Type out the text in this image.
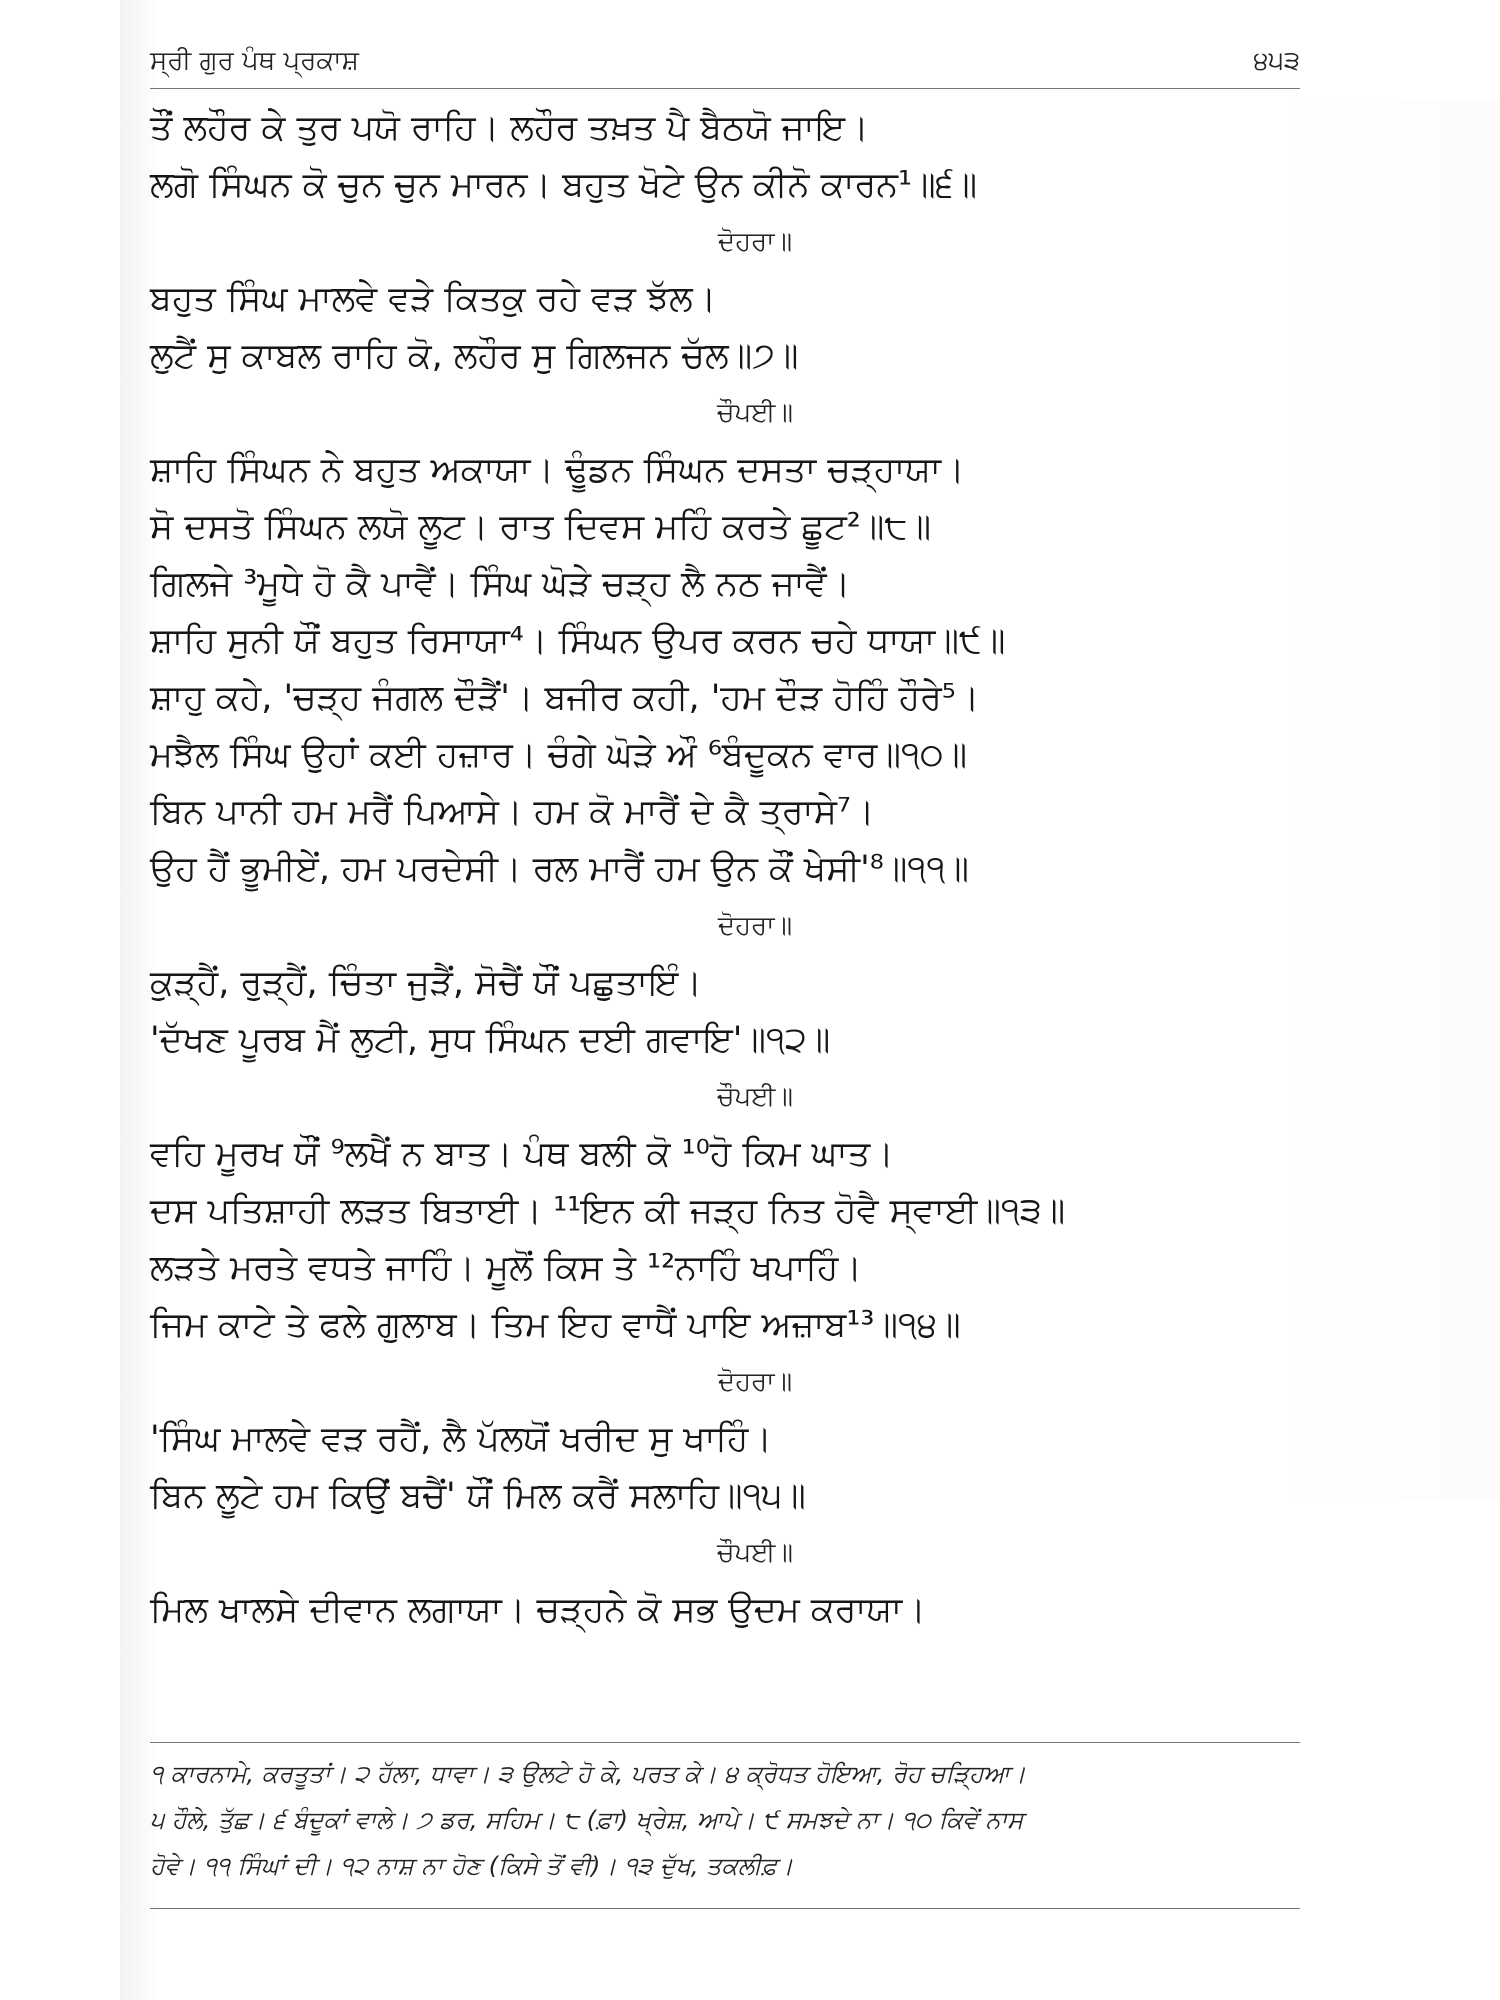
ਸ੍ਰੀ ਗੁਰ ਪੰਥ ਪ੍ਰਕਾਸ਼	੪੫੩
ਤੌਂ ਲਹੌਰ ਕੇ ਤੁਰ ਪਯੋ ਰਾਹਿ। ਲਹੌਰ ਤਖ਼ਤ ਪੈ ਬੈਠਯੋ ਜਾਇ।
ਲਗੋ ਸਿੰਘਨ ਕੋ ਚੁਨ ਚੁਨ ਮਾਰਨ। ਬਹੁਤ ਖੋਟੇ ਉਨ ਕੀਨੋ ਕਾਰਨ¹॥੬॥
ਦੋਹਰਾ॥
ਬਹੁਤ ਸਿੰਘ ਮਾਲਵੇ ਵੜੇ ਕਿਤਕੁ ਰਹੇ ਵੜ ਝੱਲ।
ਲੁਟੈਂ ਸੁ ਕਾਬਲ ਰਾਹਿ ਕੋ, ਲਹੌਰ ਸੁ ਗਿਲਜਨ ਚੱਲ॥੭॥
ਚੌਪਈ॥
ਸ਼ਾਹਿ ਸਿੰਘਨ ਨੇ ਬਹੁਤ ਅਕਾਯਾ। ਢੂੰਡਨ ਸਿੰਘਨ ਦਸਤਾ ਚੜ੍ਹਾਯਾ।
ਸੋ ਦਸਤੋ ਸਿੰਘਨ ਲਯੋ ਲੂਟ। ਰਾਤ ਦਿਵਸ ਮਹਿੰ ਕਰਤੇ ਛੂਟ²॥੮॥
ਗਿਲਜੇ ³ਮੂਧੇ ਹੋ ਕੈ ਪਾਵੈਂ। ਸਿੰਘ ਘੋੜੇ ਚੜ੍ਹ ਲੈ ਨਠ ਜਾਵੈਂ।
ਸ਼ਾਹਿ ਸੁਨੀ ਯੌਂ ਬਹੁਤ ਰਿਸਾਯਾ⁴। ਸਿੰਘਨ ਉਪਰ ਕਰਨ ਚਹੇ ਧਾਯਾ॥੯॥
ਸ਼ਾਹੁ ਕਹੇ, 'ਚੜ੍ਹ ਜੰਗਲ ਦੌੜੈਂ'। ਬਜੀਰ ਕਹੀ, 'ਹਮ ਦੌੜ ਹੋਹਿੰ ਹੌਰੇ⁵।
ਮਝੈਲ ਸਿੰਘ ਉਹਾਂ ਕਈ ਹਜ਼ਾਰ। ਚੰਗੇ ਘੋੜੇ ਔ ⁶ਬੰਦੂਕਨ ਵਾਰ॥੧੦॥
ਬਿਨ ਪਾਨੀ ਹਮ ਮਰੈਂ ਪਿਆਸੇ। ਹਮ ਕੋ ਮਾਰੈਂ ਦੇ ਕੈ ਤ੍ਰਾਸੇ⁷।
ਉਹ ਹੈਂ ਭੂਮੀਏਂ, ਹਮ ਪਰਦੇਸੀ। ਰਲ ਮਾਰੈਂ ਹਮ ਉਨ ਕੌਂ ਖੇਸੀ'⁸॥੧੧॥
ਦੋਹਰਾ॥
ਕੁੜ੍ਹੈਂ, ਰੁੜ੍ਹੈਂ, ਚਿੰਤਾ ਜੁੜੈਂ, ਸੋਚੈਂ ਯੌਂ ਪਛੁਤਾਇੰ।
'ਦੱਖਣ ਪੂਰਬ ਮੈਂ ਲੁਟੀ, ਸੁਧ ਸਿੰਘਨ ਦਈ ਗਵਾਇ'॥੧੨॥
ਚੌਪਈ॥
ਵਹਿ ਮੂਰਖ ਯੌਂ ⁹ਲਖੈਂ ਨ ਬਾਤ। ਪੰਥ ਬਲੀ ਕੋ ¹⁰ਹੋ ਕਿਮ ਘਾਤ।
ਦਸ ਪਤਿਸ਼ਾਹੀ ਲੜਤ ਬਿਤਾਈ। ¹¹ਇਨ ਕੀ ਜੜ੍ਹ ਨਿਤ ਹੋਵੈ ਸ੍ਵਾਈ॥੧੩॥
ਲੜਤੇ ਮਰਤੇ ਵਧਤੇ ਜਾਹਿੰ। ਮੂਲੋਂ ਕਿਸ ਤੇ ¹²ਨਾਹਿੰ ਖਪਾਹਿੰ।
ਜਿਮ ਕਾਟੇ ਤੇ ਫਲੇ ਗੁਲਾਬ। ਤਿਮ ਇਹ ਵਾਧੈਂ ਪਾਇ ਅਜ਼ਾਬ¹³॥੧੪॥
ਦੋਹਰਾ॥
'ਸਿੰਘ ਮਾਲਵੇ ਵੜ ਰਹੈਂ, ਲੈ ਪੱਲਯੋਂ ਖਰੀਦ ਸੁ ਖਾਹਿੰ।
ਬਿਨ ਲੂਟੇ ਹਮ ਕਿਉਂ ਬਚੈਂ' ਯੌਂ ਮਿਲ ਕਰੈਂ ਸਲਾਹਿ॥੧੫॥
ਚੌਪਈ॥
ਮਿਲ ਖਾਲਸੇ ਦੀਵਾਨ ਲਗਾਯਾ। ਚੜ੍ਹਨੇ ਕੋ ਸਭ ਉਦਮ ਕਰਾਯਾ।
੧ ਕਾਰਨਾਮੇ, ਕਰਤੂਤਾਂ। ੨ ਹੱਲਾ, ਧਾਵਾ। ੩ ਉਲਟੇ ਹੋ ਕੇ, ਪਰਤ ਕੇ। ੪ ਕ੍ਰੋਧਤ ਹੋਇਆ, ਰੋਹ ਚੜ੍ਹਿਆ।
੫ ਹੌਲੇ, ਤੁੱਛ। ੬ ਬੰਦੂਕਾਂ ਵਾਲੇ। ੭ ਡਰ, ਸਹਿਮ। ੮ (ਫ਼ਾ) ਖ੍ਰੇਸ਼, ਆਪੇ। ੯ ਸਮਝਦੇ ਨਾ। ੧੦ ਕਿਵੇਂ ਨਾਸ
ਹੋਵੇ। ੧੧ ਸਿੰਘਾਂ ਦੀ। ੧੨ ਨਾਸ਼ ਨਾ ਹੋਣ (ਕਿਸੇ ਤੋਂ ਵੀ)। ੧੩ ਦੁੱਖ, ਤਕਲੀਫ਼।
